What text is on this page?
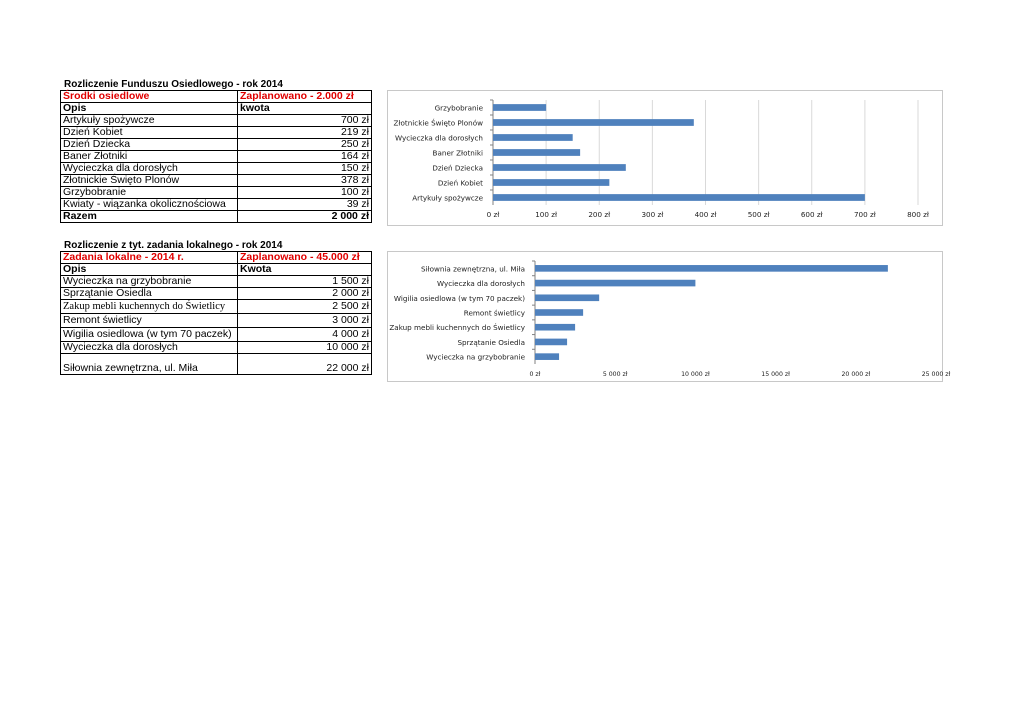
Rozliczenie Funduszu Osiedlowego - rok 2014
Środki osiedlowe	Zaplanowano - 2.000 zł
Opis	kwota
Artykuły spożywcze	700 zł
Dzień Kobiet	219 zł
Dzień Dziecka	250 zł
Baner Złotniki	164 zł
Wycieczka dla dorosłych	150 zł
Złotnickie Święto Plonów	378 zł
Grzybobranie	100 zł
Kwiaty - wiązanka okolicznościowa	39 zł
Razem	2 000 zł
Rozliczenie z tyt. zadania lokalnego - rok 2014
Zadania lokalne - 2014 r.	Zaplanowano - 45.000 zł
Opis	Kwota
Wycieczka na grzybobranie	1 500 zł
Sprzątanie Osiedla	2 000 zł
Zakup mebli kuchennych do Świetlicy	2 500 zł
Remont świetlicy	3 000 zł
Wigilia osiedlowa (w tym 70 paczek)	4 000 zł
Wycieczka dla dorosłych	10 000 zł
Siłownia zewnętrzna, ul. Miła	22 000 zł
0 zł	100 zł	200 zł	300 zł	400 zł	500 zł	600 zł	700 zł	800 zł
Grzybobranie
Złotnickie Święto Plonów
Wycieczka dla dorosłych
Baner Złotniki
Dzień Dziecka
Dzień Kobiet
Artykuły spożywcze
0 zł	5 000 zł	10 000 zł	15 000 zł	20 000 zł	25 000 zł
Siłownia zewnętrzna, ul. Miła
Wycieczka dla dorosłych
Wigilia osiedlowa (w tym 70 paczek)
Remont świetlicy
Zakup mebli kuchennych do Świetlicy
Sprzątanie Osiedla
Wycieczka na grzybobranie
